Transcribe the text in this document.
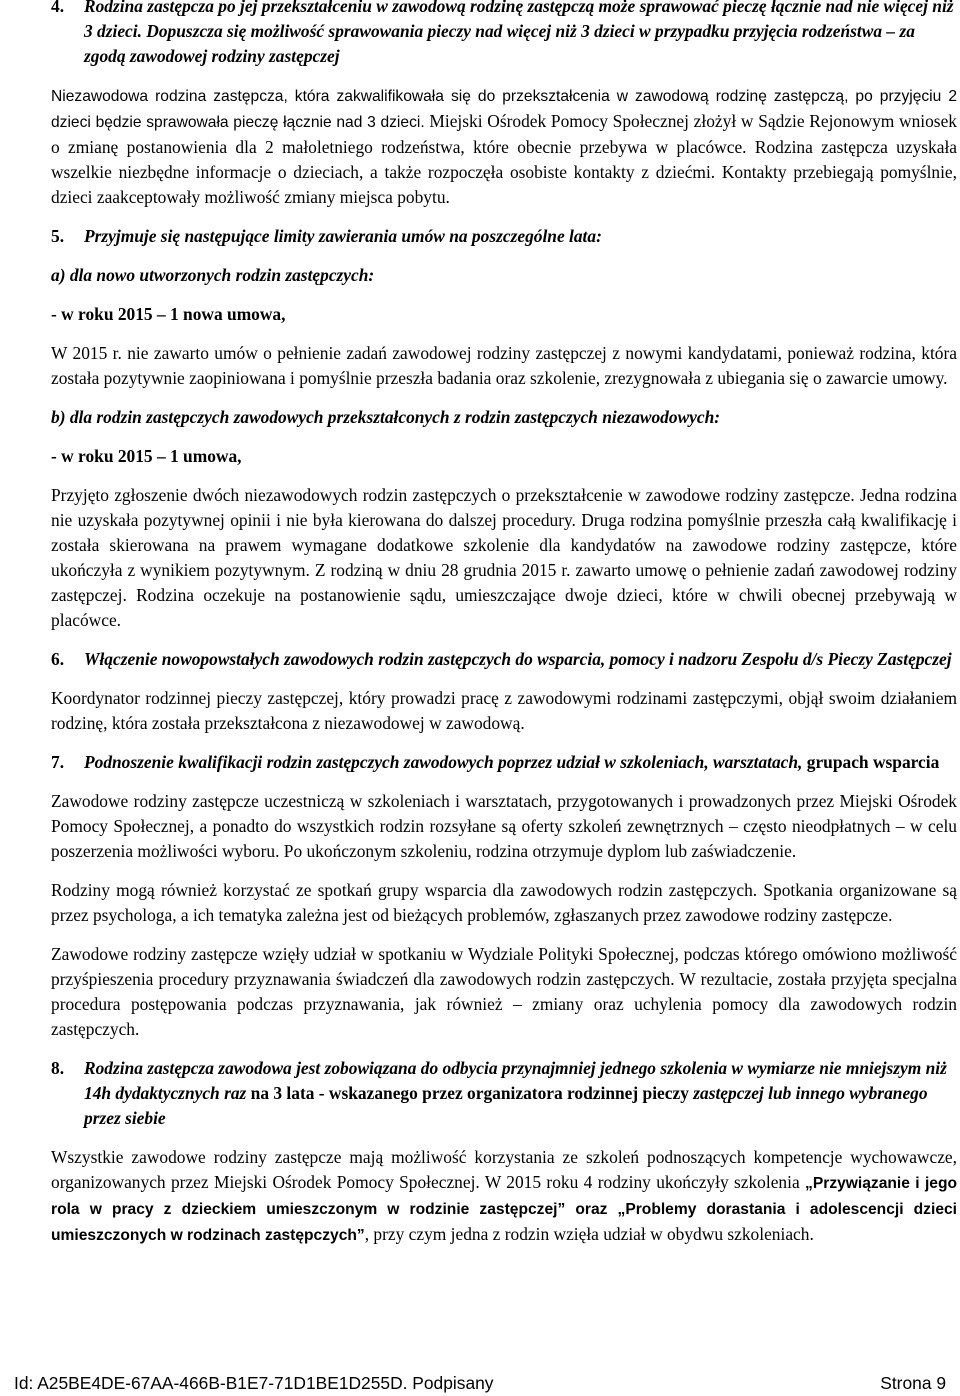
4.	Rodzina zastępcza po jej przekształceniu w zawodową rodzinę zastępczą może sprawować pieczę łącznie nad nie więcej niż 3 dzieci. Dopuszcza się możliwość sprawowania pieczy nad więcej niż 3 dzieci w przypadku przyjęcia rodzeństwa – za zgodą zawodowej rodziny zastępczej

Niezawodowa rodzina zastępcza, która zakwalifikowała się do przekształcenia w zawodową rodzinę zastępczą, po przyjęciu 2 dzieci będzie sprawowała pieczę łącznie nad 3 dzieci. Miejski Ośrodek Pomocy Społecznej złożył w Sądzie Rejonowym wniosek o zmianę postanowienia dla 2 małoletniego rodzeństwa, które obecnie przebywa w placówce. Rodzina zastępcza uzyskała wszelkie niezbędne informacje o dzieciach, a także rozpoczęła osobiste kontakty z dziećmi. Kontakty przebiegają pomyślnie, dzieci zaakceptowały możliwość zmiany miejsca pobytu.

5.	Przyjmuje się następujące limity zawierania umów na poszczególne lata:

a) dla nowo utworzonych rodzin zastępczych:

- w roku 2015 – 1 nowa umowa,

W 2015 r. nie zawarto umów o pełnienie zadań zawodowej rodziny zastępczej z nowymi kandydatami, ponieważ rodzina, która została pozytywnie zaopiniowana i pomyślnie przeszła badania oraz szkolenie, zrezygnowała z ubiegania się o zawarcie umowy.

b) dla rodzin zastępczych zawodowych przekształconych z rodzin zastępczych niezawodowych:

- w roku 2015 – 1 umowa,

Przyjęto zgłoszenie dwóch niezawodowych rodzin zastępczych o przekształcenie w zawodowe rodziny zastępcze. Jedna rodzina nie uzyskała pozytywnej opinii i nie była kierowana do dalszej procedury. Druga rodzina pomyślnie przeszła całą kwalifikację i została skierowana na prawem wymagane dodatkowe szkolenie dla kandydatów na zawodowe rodziny zastępcze, które ukończyła z wynikiem pozytywnym. Z rodziną w dniu 28 grudnia 2015 r. zawarto umowę o pełnienie zadań zawodowej rodziny zastępczej. Rodzina oczekuje na postanowienie sądu, umieszczające dwoje dzieci, które w chwili obecnej przebywają w placówce.

6.	Włączenie nowopowstałych zawodowych rodzin zastępczych do wsparcia, pomocy i nadzoru Zespołu d/s Pieczy Zastępczej

Koordynator rodzinnej pieczy zastępczej, który prowadzi pracę z zawodowymi rodzinami zastępczymi, objął swoim działaniem rodzinę, która została przekształcona z niezawodowej w zawodową.

7.	Podnoszenie kwalifikacji rodzin zastępczych zawodowych poprzez udział w szkoleniach, warsztatach, grupach wsparcia

Zawodowe rodziny zastępcze uczestniczą w szkoleniach i warsztatach, przygotowanych i prowadzonych przez Miejski Ośrodek Pomocy Społecznej, a ponadto do wszystkich rodzin rozsyłane są oferty szkoleń zewnętrznych – często nieodpłatnych – w celu poszerzenia możliwości wyboru. Po ukończonym szkoleniu, rodzina otrzymuje dyplom lub zaświadczenie.

Rodziny mogą również korzystać ze spotkań grupy wsparcia dla zawodowych rodzin zastępczych. Spotkania organizowane są przez psychologa, a ich tematyka zależna jest od bieżących problemów, zgłaszanych przez zawodowe rodziny zastępcze.

Zawodowe rodziny zastępcze wzięły udział w spotkaniu w Wydziale Polityki Społecznej, podczas którego omówiono możliwość przyśpieszenia procedury przyznawania świadczeń dla zawodowych rodzin zastępczych. W rezultacie, została przyjęta specjalna procedura postępowania podczas przyznawania, jak również – zmiany oraz uchylenia pomocy dla zawodowych rodzin zastępczych.

8.	Rodzina zastępcza zawodowa jest zobowiązana do odbycia przynajmniej jednego szkolenia w wymiarze nie mniejszym niż 14h dydaktycznych raz na 3 lata - wskazanego przez organizatora rodzinnej pieczy zastępczej lub innego wybranego przez siebie

Wszystkie zawodowe rodziny zastępcze mają możliwość korzystania ze szkoleń podnoszących kompetencje wychowawcze, organizowanych przez Miejski Ośrodek Pomocy Społecznej. W 2015 roku 4 rodziny ukończyły szkolenia „Przywiązanie i jego rola w pracy z dzieckiem umieszczonym w rodzinie zastępczej” oraz „Problemy dorastania i adolescencji dzieci umieszczonych w rodzinach zastępczych”, przy czym jedna z rodzin wzięła udział w obydwu szkoleniach.

Id: A25BE4DE-67AA-466B-B1E7-71D1BE1D255D. Podpisany	Strona 9
